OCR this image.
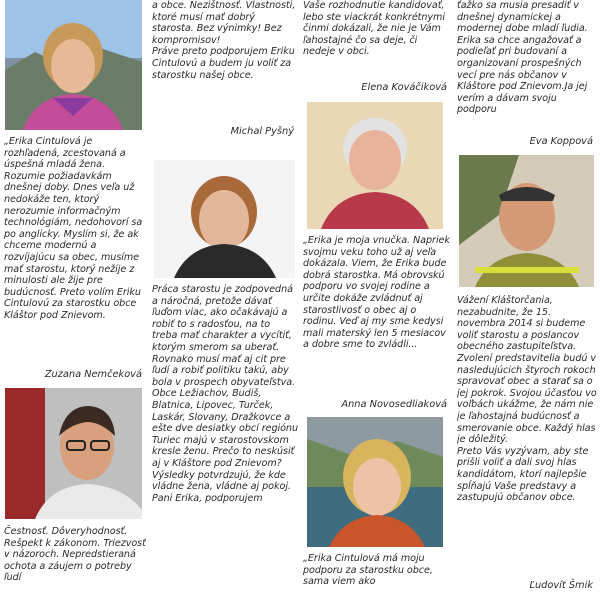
„Erika Cintulová je rozhľadená, zcestovaná a úspešná mladá žena. Rozumie požiadavkám dnešnej doby. Dnes veľa už nedokáže ten, ktorý nerozumie informačným technológiám, nedohovorí sa po anglicky. Myslím si, že ak chceme modernú a rozvíjajúcu sa obec, musíme mať starostu, ktorý nežije z minulosti ale žije pre budúcnosť. Preto volím Eriku Cintulovú za starostku obce Kláštor pod Znievom.

Zuzana Nemčeková

Čestnosť. Dôveryhodnosť. Rešpekt k zákonom. Triezvosť v názoroch. Nepredstieraná ochota a záujem o potreby ľudí

a obce. Nezištnosť. Vlastnosti, ktoré musí mať dobrý starosta. Bez výnimky! Bez kompromisov!
Práve preto podporujem Eriku Cintulovú a budem ju voliť za starostku našej obce.

Michal Pyšný

Práca starostu je zodpovedná a náročná, pretože dávať ľuďom viac, ako očakávajú a robiť to s radosťou, na to treba mať charakter a vycítiť, ktorým smerom sa uberať. Rovnako musí mať aj cit pre ľudí a robiť politiku takú, aby bola v prospech obyvateľstva. Obce Ležiachov, Budiš, Blatnica, Lipovec, Turček, Laskár, Slovany, Dražkovce a ešte dve desiatky obcí regiónu Turiec majú v starostovskom kresle ženu. Prečo to neskúsiť aj v Kláštore pod Znievom? Výsledky potvrdzujú, že kde vládne žena, vládne aj pokoj.
Pani Erika, podporujem

Vaše rozhodnutie kandidovať, lebo ste viackrát konkrétnymi činmi dokázali, že nie je Vám ľahostajné čo sa deje, či nedeje v obci.

Elena Kováčiková

„Erika je moja vnučka. Napriek svojmu veku toho už aj veľa dokázala. Viem, že Erika bude dobrá starostka. Má obrovskú podporu vo svojej rodine a určite dokáže zvládnuť aj starostlivosť o obec aj o rodinu. Veď aj my sme kedysi mali materský len 5 mesiacov a dobre sme to zvládli...

Anna Novosedliaková

„Erika Cintulová má moju podporu za starostku obce, sama viem ako

ťažko sa musia presadiť v dnešnej dynamickej a modernej dobe mladí ľudia. Erika sa chce angažovať a podieľať pri budovaní a organizovaní prospešných vecí pre nás občanov v Kláštore pod Znievom.Ja jej verím a dávam svoju podporu

Eva Koppová

Vážení Kláštorčania, nezabudnite, že 15. novembra 2014 si budeme voliť starostu a poslancov obecného zastupiteľstva. Zvolení predstavitelia budú v nasledujúcich štyroch rokoch spravovať obec a starať sa o jej pokrok. Svojou účasťou vo voľbách ukážme, že nám nie je ľahostajná budúcnosť a smerovanie obce. Každý hlas je dôležitý.
Preto Vás vyzývam, aby ste prišli voliť a dali svoj hlas kandidátom, ktorí najlepšie spĺňajú Vaše predstavy a zastupujú občanov obce.

Ľudovít Šmik
